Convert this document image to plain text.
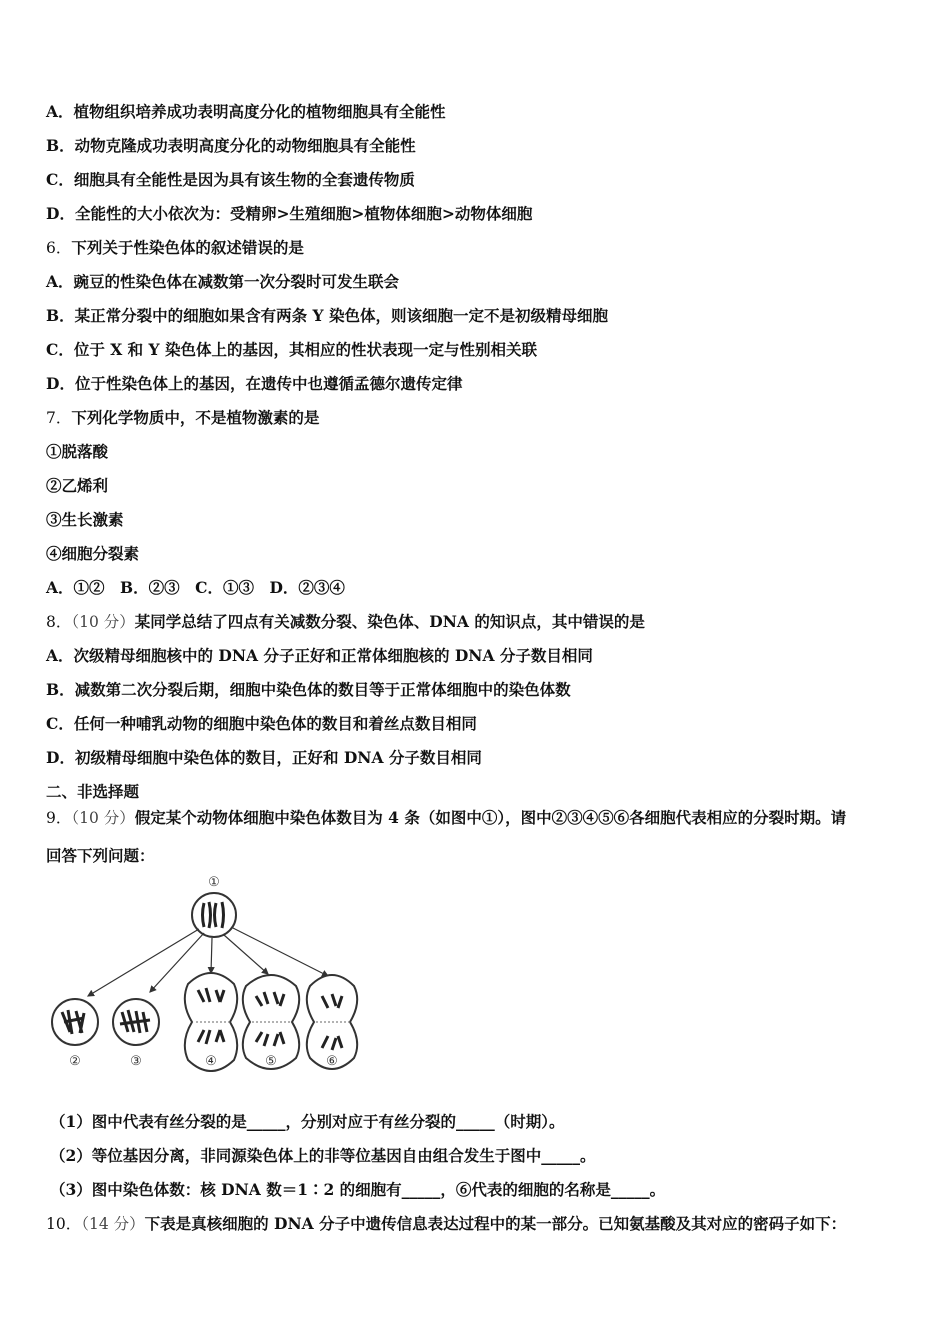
A．植物组织培养成功表明高度分化的植物细胞具有全能性
B．动物克隆成功表明高度分化的动物细胞具有全能性
C．细胞具有全能性是因为具有该生物的全套遗传物质
D．全能性的大小依次为：受精卵>生殖细胞>植物体细胞>动物体细胞
6．下列关于性染色体的叙述错误的是
A．豌豆的性染色体在减数第一次分裂时可发生联会
B．某正常分裂中的细胞如果含有两条 Y 染色体，则该细胞一定不是初级精母细胞
C．位于 X 和 Y 染色体上的基因，其相应的性状表现一定与性别相关联
D．位于性染色体上的基因，在遗传中也遵循孟德尔遗传定律
7．下列化学物质中，不是植物激素的是
①脱落酸
②乙烯利
③生长激素
④细胞分裂素
A．①②　B．②③　C．①③　D．②③④
8．（10 分）某同学总结了四点有关减数分裂、染色体、DNA 的知识点，其中错误的是
A．次级精母细胞核中的 DNA 分子正好和正常体细胞核的 DNA 分子数目相同
B．减数第二次分裂后期，细胞中染色体的数目等于正常体细胞中的染色体数
C．任何一种哺乳动物的细胞中染色体的数目和着丝点数目相同
D．初级精母细胞中染色体的数目，正好和 DNA 分子数目相同
二、非选择题
9．（10 分）假定某个动物体细胞中染色体数目为 4 条（如图中①），图中②③④⑤⑥各细胞代表相应的分裂时期。请
回答下列问题：
①
②	③	④	⑤	⑥
（1）图中代表有丝分裂的是_____，分别对应于有丝分裂的_____（时期）。
（2）等位基因分离，非同源染色体上的非等位基因自由组合发生于图中_____。
（3）图中染色体数：核 DNA 数＝1∶2 的细胞有_____，⑥代表的细胞的名称是_____。
10．（14 分）下表是真核细胞的 DNA 分子中遗传信息表达过程中的某一部分。已知氨基酸及其对应的密码子如下：
